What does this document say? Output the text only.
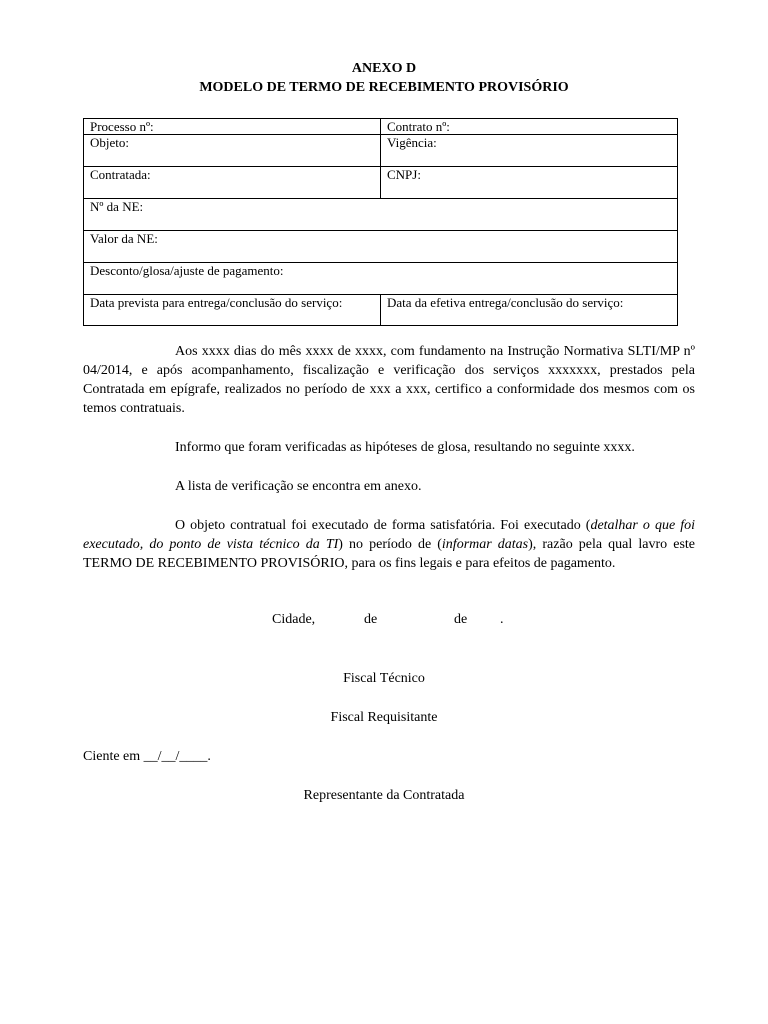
ANEXO D
MODELO DE TERMO DE RECEBIMENTO PROVISÓRIO
Processo nº:	Contrato nº:
Objeto:	Vigência:
Contratada:	CNPJ:
Nº da NE:	
Valor da NE:	
Desconto/glosa/ajuste de pagamento:	
Data prevista para entrega/conclusão do serviço:	Data da efetiva entrega/conclusão do serviço:
Aos xxxx dias do mês xxxx de xxxx, com fundamento na Instrução Normativa SLTI/MP nº 04/2014, e após acompanhamento, fiscalização e verificação dos serviços xxxxxxx, prestados pela Contratada em epígrafe, realizados no período de xxx a xxx, certifico a conformidade dos mesmos com os temos contratuais.
Informo que foram verificadas as hipóteses de glosa, resultando no seguinte xxxx.
A lista de verificação se encontra em anexo.
O objeto contratual foi executado de forma satisfatória. Foi executado (detalhar o que foi executado, do ponto de vista técnico da TI) no período de (informar datas), razão pela qual lavro este TERMO DE RECEBIMENTO PROVISÓRIO, para os fins legais e para efeitos de pagamento.
Cidade,	de	de .
Fiscal Técnico
Fiscal Requisitante
Ciente em __/__/____.
Representante da Contratada
